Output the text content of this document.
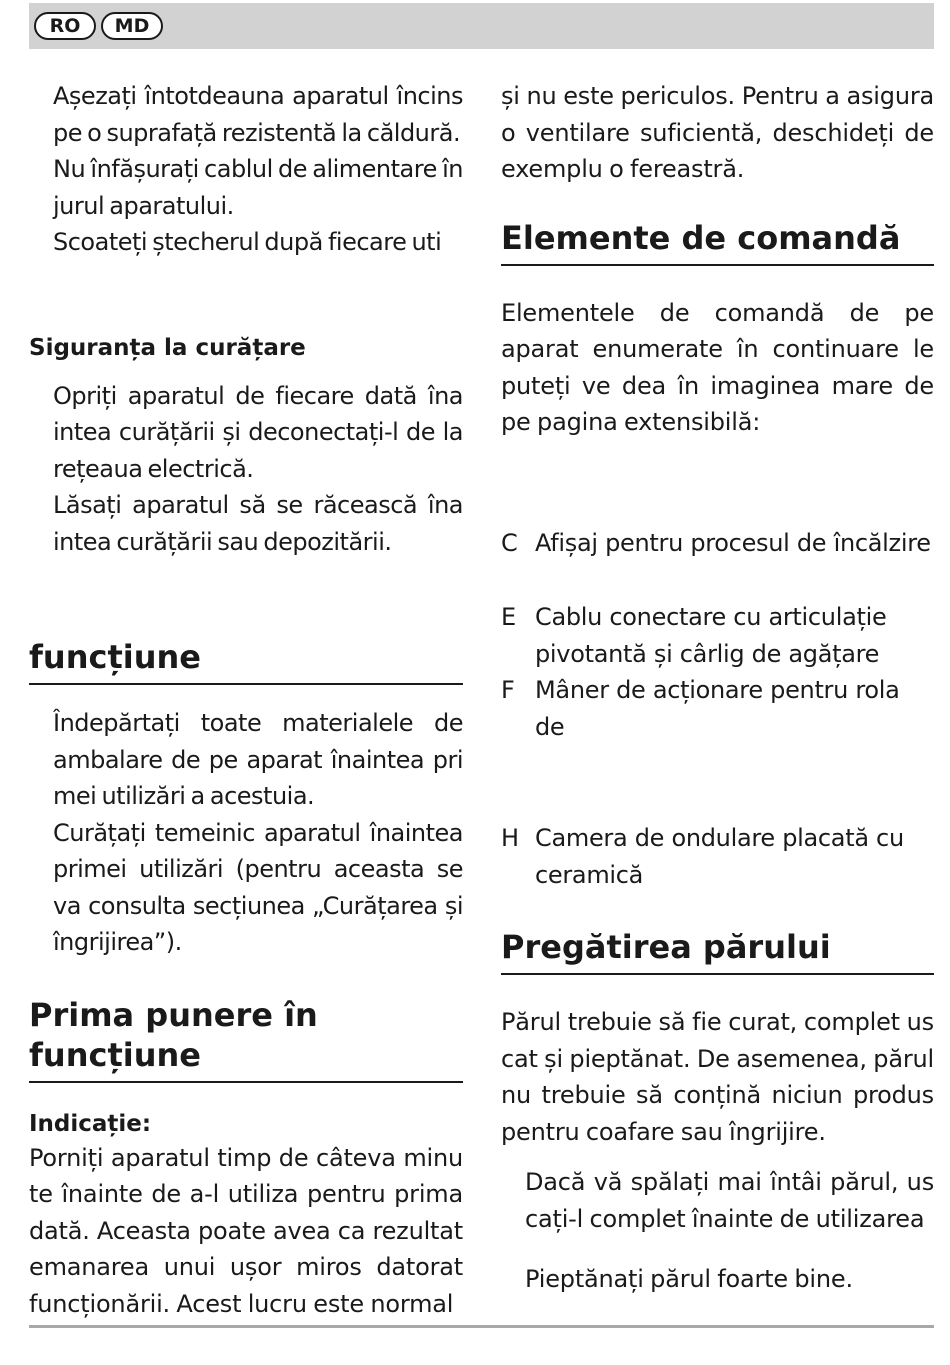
RO	MD

Așezați întotdeauna aparatul încins pe o suprafață rezistentă la căldură.

Nu înfășurați cablul de alimentare în jurul aparatului.

Scoateți ștecherul după fiecare uti

Siguranța la curățare

Opriți aparatul de fiecare dată îna intea curățării și deconectați-l de la rețeaua electrică.

Lăsați aparatul să se răcească îna intea curățării sau depozitării.

funcțiune

Îndepărtați toate materialele de ambalare de pe aparat înaintea pri mei utilizări a acestuia.

Curățați temeinic aparatul înaintea primei utilizări (pentru aceasta se va consulta secțiunea „Curățarea și îngrijirea”).

Prima punere în funcțiune

Indicație:

Porniți aparatul timp de câteva minu te înainte de a-l utiliza pentru prima dată. Aceasta poate avea ca rezultat emanarea unui ușor miros datorat funcționării. Acest lucru este normal

și nu este periculos. Pentru a asigura o ventilare suficientă, deschideți de exemplu o fereastră.

Elemente de comandă

Elementele de comandă de pe aparat enumerate în continuare le puteți ve dea în imaginea mare de pe pagina extensibilă:

C Afișaj pentru procesul de încălzire
E Cablu conectare cu articulație pivotantă și cârlig de agățare
F Mâner de acționare pentru rola de
H Camera de ondulare placată cu ceramică
Pregătirea părului

Părul trebuie să fie curat, complet us cat și pieptănat. De asemenea, părul nu trebuie să conțină niciun produs pentru coafare sau îngrijire.

Dacă vă spălați mai întâi părul, us cați-l complet înainte de utilizarea

Pieptănați părul foarte bine.
